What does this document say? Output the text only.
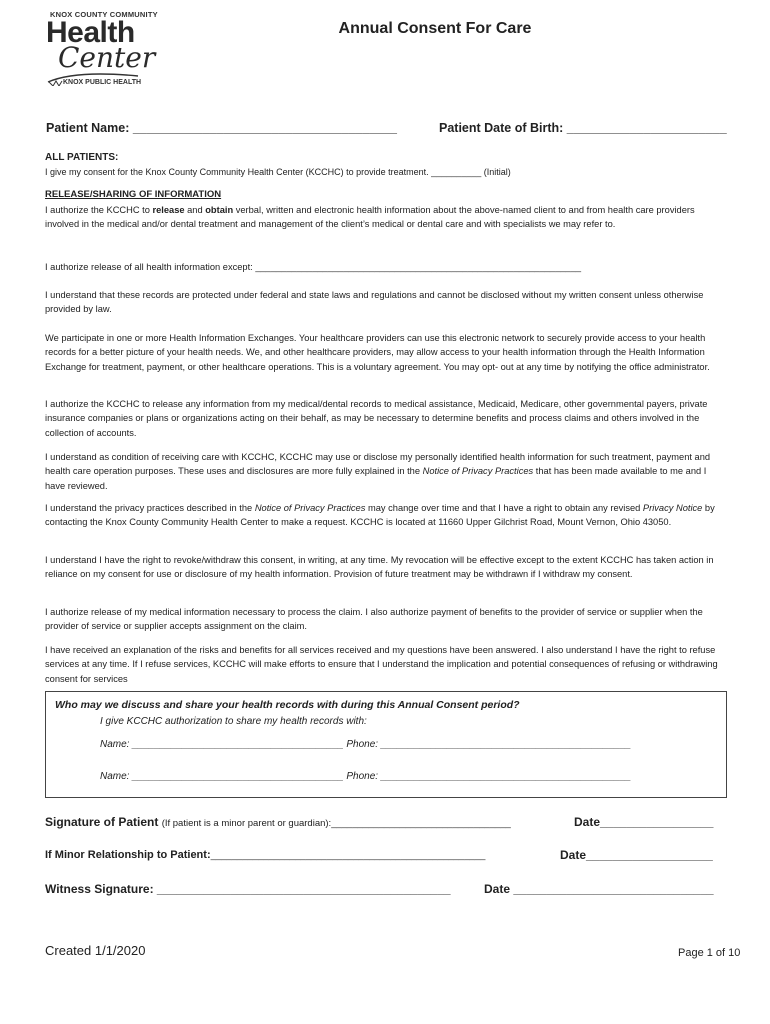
KNOX COUNTY COMMUNITY
Health
Center
KNOX PUBLIC HEALTH
Annual Consent For Care
Patient Name: ______________________________________	Patient Date of Birth: _______________________
ALL PATIENTS:
I give my consent for the Knox County Community Health Center (KCCHC) to provide treatment. __________ (Initial)
RELEASE/SHARING OF INFORMATION
I authorize the KCCHC to release and obtain verbal, written and electronic health information about the above-named client to and from health care providers involved in the medical and/or dental treatment and management of the client’s medical or dental care and with specialists we may refer to.
I authorize release of all health information except: _______________________________________________________________
I understand that these records are protected under federal and state laws and regulations and cannot be disclosed without my written consent unless otherwise provided by law.
We participate in one or more Health Information Exchanges. Your healthcare providers can use this electronic network to securely provide access to your health records for a better picture of your health needs. We, and other healthcare providers, may allow access to your health information through the Health Information Exchange for treatment, payment, or other healthcare operations. This is a voluntary agreement. You may opt- out at any time by notifying the office administrator.
I authorize the KCCHC to release any information from my medical/dental records to medical assistance, Medicaid, Medicare, other governmental payers, private insurance companies or plans or organizations acting on their behalf, as may be necessary to determine benefits and process claims and others involved in the collection of accounts.
I understand as condition of receiving care with KCCHC, KCCHC may use or disclose my personally identified health information for such treatment, payment and health care operation purposes. These uses and disclosures are more fully explained in the Notice of Privacy Practices that has been made available to me and I have reviewed.
I understand the privacy practices described in the Notice of Privacy Practices may change over time and that I have a right to obtain any revised Privacy Notice by contacting the Knox County Community Health Center to make a request. KCCHC is located at 11660 Upper Gilchrist Road, Mount Vernon, Ohio 43050.
I understand I have the right to revoke/withdraw this consent, in writing, at any time. My revocation will be effective except to the extent KCCHC has taken action in reliance on my consent for use or disclosure of my health information. Provision of future treatment may be withdrawn if I withdraw my consent.
I authorize release of my medical information necessary to process the claim. I also authorize payment of benefits to the provider of service or supplier when the provider of service or supplier accepts assignment on the claim.
I have received an explanation of the risks and benefits for all services received and my questions have been answered. I also understand I have the right to refuse services at any time. If I refuse services, KCCHC will make efforts to ensure that I understand the implication and potential consequences of refusing or withdrawing consent for services
Who may we discuss and share your health records with during this Annual Consent period?
I give KCCHC authorization to share my health records with:
Name: ______________________________________ Phone: _____________________________________________
Name: ______________________________________ Phone: _____________________________________________
Signature of Patient (If patient is a minor parent or guardian):__________________________________	Date_________________
If Minor Relationship to Patient:____________________________________________________	Date___________________
Witness Signature: ____________________________________________	Date ______________________________
Created 1/1/2020	Page 1 of 10
